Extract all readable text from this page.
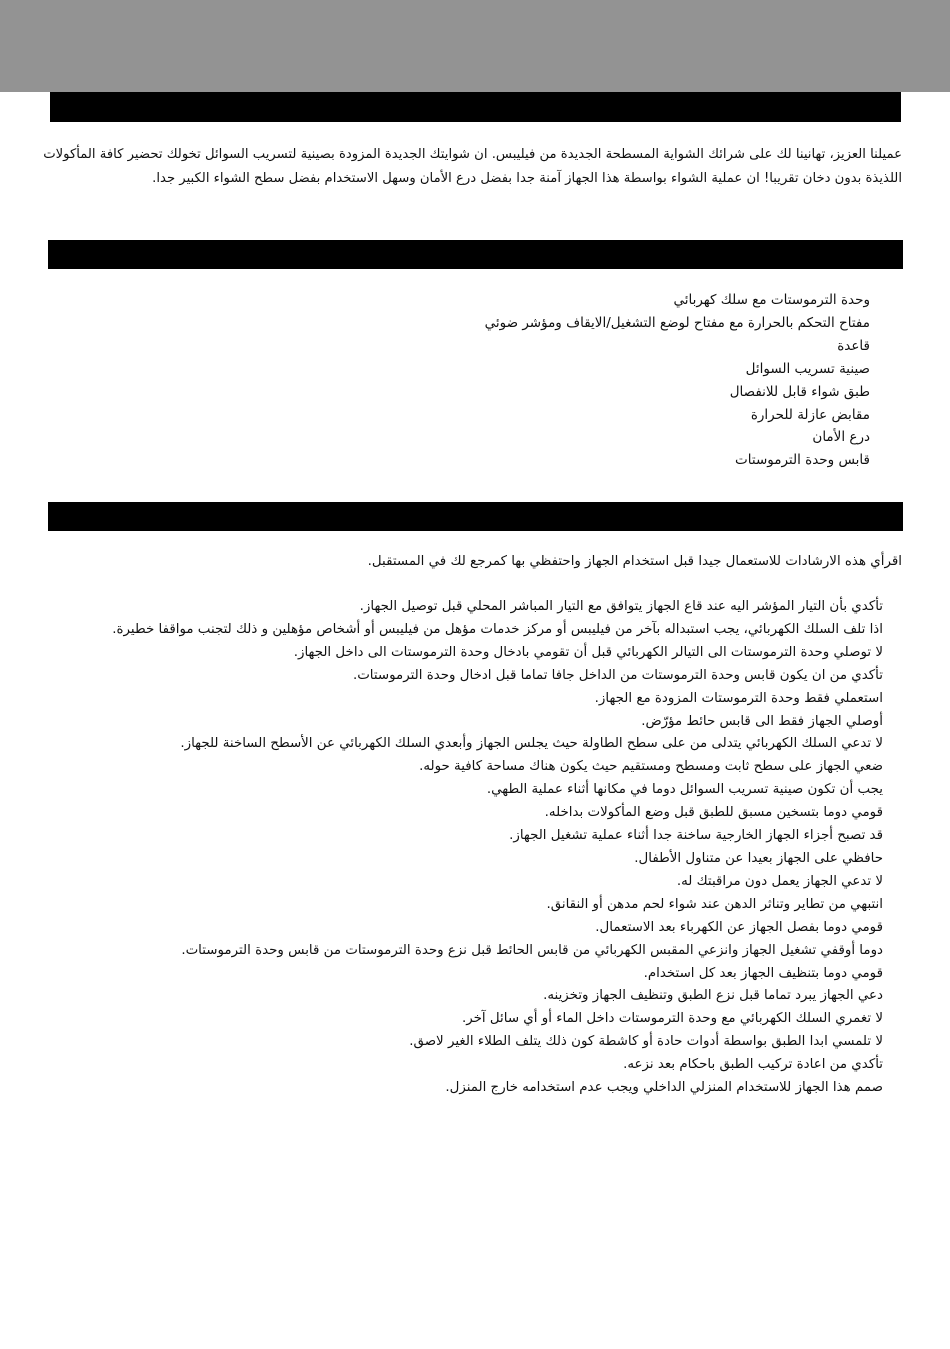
عميلنا العزيز، تهانينا لك على شرائك الشواية المسطحة الجديدة من فيليبس. ان شوايتك الجديدة المزودة بصينية لتسريب السوائل تخولك تحضير كافة المأكولات اللذيذة بدون دخان تقريبا! ان عملية الشواء بواسطة هذا الجهاز آمنة جدا بفضل درع الأمان وسهل الاستخدام بفضل سطح الشواء الكبير جدا.

وحدة الترموستات مع سلك كهربائي
مفتاح التحكم بالحرارة مع مفتاح لوضع التشغيل/الايقاف ومؤشر ضوئي
قاعدة
صينية تسريب السوائل
طبق شواء قابل للانفصال
مقابض عازلة للحرارة
درع الأمان
قابس وحدة الترموستات

اقرأي هذه الارشادات للاستعمال جيدا قبل استخدام الجهاز واحتفظي بها كمرجع لك في المستقبل.

تأكدي بأن التيار المؤشر اليه عند قاع الجهاز يتوافق مع التيار المباشر المحلي قبل توصيل الجهاز.
اذا تلف السلك الكهربائي، يجب استبداله بآخر من فيليبس أو مركز خدمات مؤهل من فيليبس أو أشخاص مؤهلين و ذلك لتجنب مواقفا خطيرة.
لا توصلي وحدة الترموستات الى التيالر الكهربائي قبل أن تقومي بادخال وحدة الترموستات الى داخل الجهاز.
تأكدي من ان يكون قابس وحدة الترموستات من الداخل جافا تماما قبل ادخال وحدة الترموستات.
استعملي فقط وحدة الترموستات المزودة مع الجهاز.
أوصلي الجهاز فقط الى قابس حائط مؤرّض.
لا تدعي السلك الكهربائي يتدلى من على سطح الطاولة حيث يجلس الجهاز وأبعدي السلك الكهربائي عن الأسطح الساخنة للجهاز.
ضعي الجهاز على سطح ثابت ومسطح ومستقيم حيث يكون هناك مساحة كافية حوله.
يجب أن تكون صينية تسريب السوائل دوما في مكانها أثناء عملية الطهي.
قومي دوما بتسخين مسبق للطبق قبل وضع المأكولات بداخله.
قد تصبح أجزاء الجهاز الخارجية ساخنة جدا أثناء عملية تشغيل الجهاز.
حافظي على الجهاز بعيدا عن متناول الأطفال.
لا تدعي الجهاز يعمل دون مراقبتك له.
انتبهي من تطاير وتناثر الدهن عند شواء لحم مدهن أو النقانق.
قومي دوما بفصل الجهاز عن الكهرباء بعد الاستعمال.
دوما أوقفي تشغيل الجهاز وانزعي المقبس الكهربائي من قابس الحائط قبل نزع وحدة الترموستات من قابس وحدة الترموستات.
قومي دوما بتنظيف الجهاز بعد كل استخدام.
دعي الجهاز يبرد تماما قبل نزع الطبق وتنظيف الجهاز وتخزينه.
لا تغمري السلك الكهربائي مع وحدة الترموستات داخل الماء أو أي سائل آخر.
لا تلمسي ابدا الطبق بواسطة أدوات حادة أو كاشطة كون ذلك يتلف الطلاء الغير لاصق.
تأكدي من اعادة تركيب الطبق باحكام بعد نزعه.
صمم هذا الجهاز للاستخدام المنزلي الداخلي ويجب عدم استخدامه خارج المنزل.
